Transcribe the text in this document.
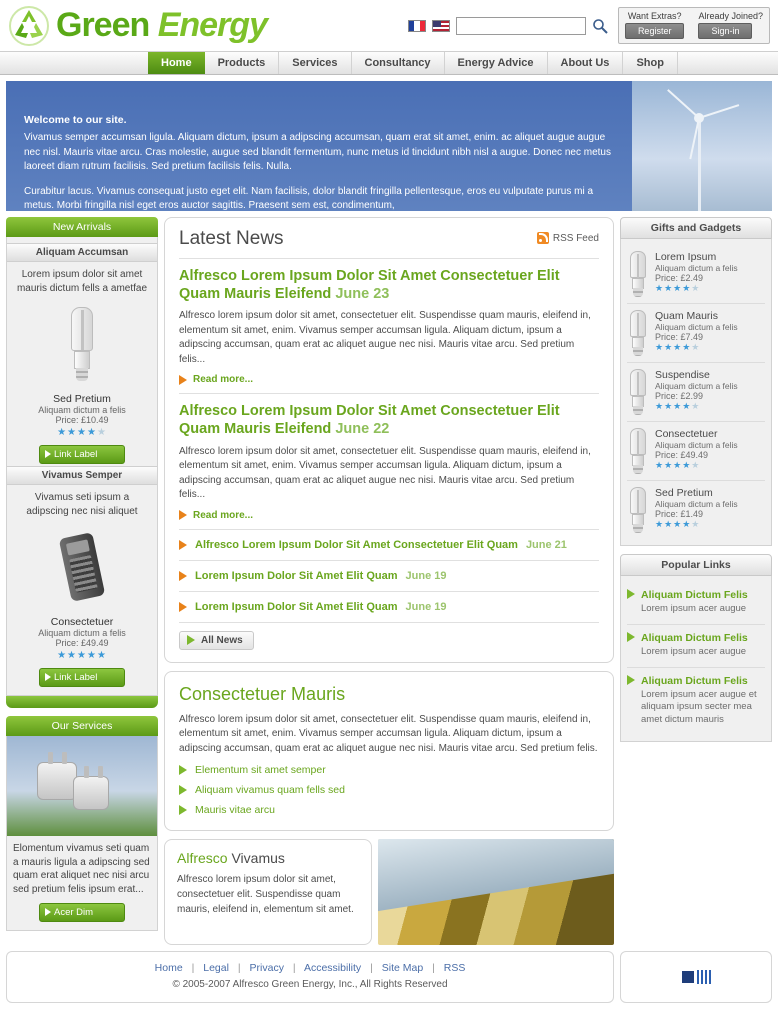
Green Energy	Want Extras?
Register
Already Joined?
Sign-in
Home	Products	Services	Consultancy	Energy Advice	About Us	Shop
Welcome to our site.
Vivamus semper accumsan ligula. Aliquam dictum, ipsum a adipscing accumsan, quam erat sit amet, enim. ac aliquet augue augue nec nisl. Mauris vitae arcu. Cras molestie, augue sed blandit fermentum, nunc metus id tincidunt nibh nisl a augue. Donec nec metus laoreet diam rutrum facilisis. Sed pretium facilisis felis. Nulla.
Curabitur lacus. Vivamus consequat justo eget elit. Nam facilisis, dolor blandit fringilla pellentesque, eros eu vulputate purus mi a metus. Morbi fringilla nisl eget eros auctor sagittis. Praesent sem est, condimentum,
New Arrivals
Aliquam Accumsan
Lorem ipsum dolor sit amet mauris dictum fells a ametfae
Sed Pretium
Aliquam dictum a felis
Price: £10.49
★★★★★
Link Label
Vivamus Semper
Vivamus seti ipsum a adipscing nec nisi aliquet
Consectetuer
Aliquam dictum a felis
Price: £49.49
★★★★★
Link Label
Our Services
Elomentum vivamus seti quam a mauris ligula a adipscing sed quam erat aliquet nec nisi arcu sed pretium felis ipsum erat...
Acer Dim
Latest News	RSS Feed
Alfresco Lorem Ipsum Dolor Sit Amet Consectetuer Elit Quam Mauris Eleifend June 23
Alfresco lorem ipsum dolor sit amet, consectetuer elit. Suspendisse quam mauris, eleifend in, elementum sit amet, enim. Vivamus semper accumsan ligula. Aliquam dictum, ipsum a adipscing accumsan, quam erat ac aliquet augue nec nisi. Mauris vitae arcu. Sed pretium felis...
Read more...
Alfresco Lorem Ipsum Dolor Sit Amet Consectetuer Elit Quam Mauris Eleifend June 22
Alfresco lorem ipsum dolor sit amet, consectetuer elit. Suspendisse quam mauris, eleifend in, elementum sit amet, enim. Vivamus semper accumsan ligula. Aliquam dictum, ipsum a adipscing accumsan, quam erat ac aliquet augue nec nisi. Mauris vitae arcu. Sed pretium felis...
Read more...
Alfresco Lorem Ipsum Dolor Sit Amet Consectetuer Elit Quam June 21
Lorem Ipsum Dolor Sit Amet Elit Quam June 19
Lorem Ipsum Dolor Sit Amet Elit Quam June 19
All News
Consectetuer Mauris
Alfresco lorem ipsum dolor sit amet, consectetuer elit. Suspendisse quam mauris, eleifend in, elementum sit amet, enim. Vivamus semper accumsan ligula. Aliquam dictum, ipsum a adipscing accumsan, quam erat ac aliquet augue nec nisi. Mauris vitae arcu. Sed pretium felis.
Elementum sit amet semper
Aliquam vivamus quam fells sed
Mauris vitae arcu
Alfresco Vivamus
Alfresco lorem ipsum dolor sit amet, consectetuer elit. Suspendisse quam mauris, eleifend in, elementum sit amet.
Gifts and Gadgets
Lorem Ipsum
Aliquam dictum a felis
Price: £2.49
★★★★★
Quam Mauris
Aliquam dictum a felis
Price: £7.49
★★★★★
Suspendise
Aliquam dictum a felis
Price: £2.99
★★★★★
Consectetuer
Aliquam dictum a felis
Price: £49.49
★★★★★
Sed Pretium
Aliquam dictum a felis
Price: £1.49
★★★★★
Popular Links
Aliquam Dictum Felis
Lorem ipsum acer augue
Aliquam Dictum Felis
Lorem ipsum acer augue
Aliquam Dictum Felis
Lorem ipsum acer augue et aliquam ipsum secter mea amet dictum mauris
Home | Legal | Privacy | Accessibility | Site Map | RSS
© 2005-2007 Alfresco Green Energy, Inc., All Rights Reserved
